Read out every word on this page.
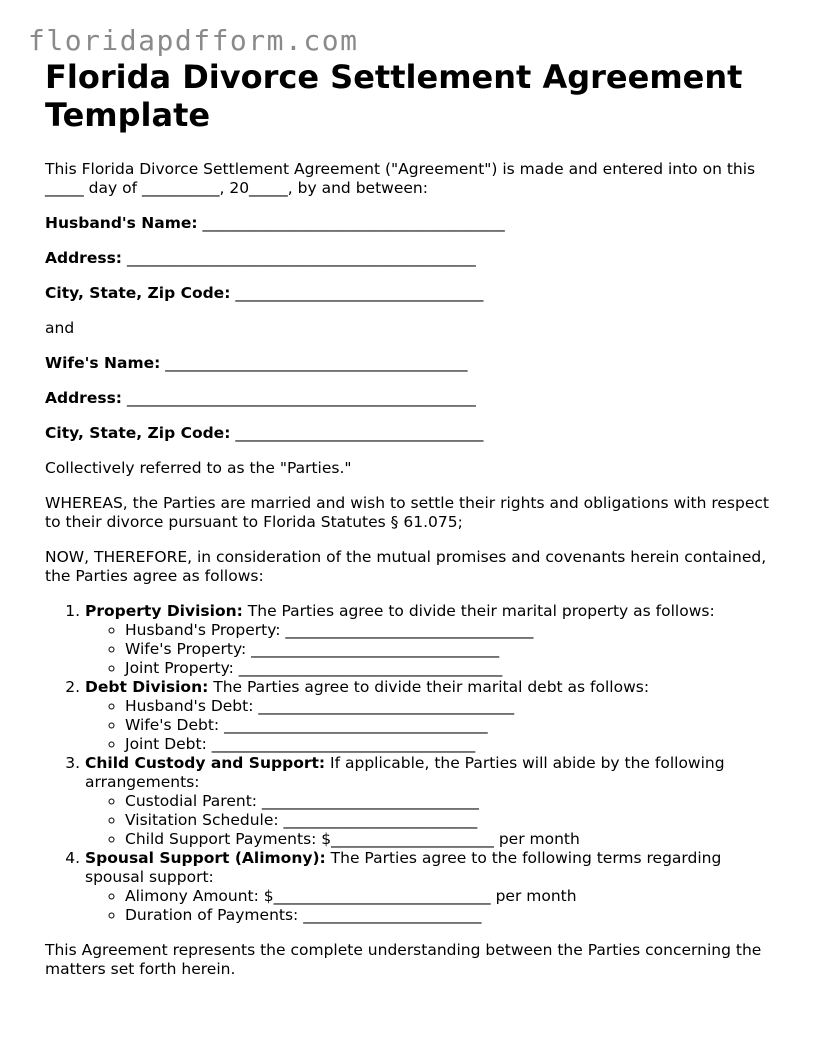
floridapdfform.com
Florida Divorce Settlement Agreement Template

This Florida Divorce Settlement Agreement ("Agreement") is made and entered into on this _____ day of __________, 20_____, by and between:

Husband's Name: _______________________________________

Address: _____________________________________________

City, State, Zip Code: ________________________________

and

Wife's Name: _______________________________________

Address: _____________________________________________

City, State, Zip Code: ________________________________

Collectively referred to as the "Parties."

WHEREAS, the Parties are married and wish to settle their rights and obligations with respect to their divorce pursuant to Florida Statutes § 61.075;

NOW, THEREFORE, in consideration of the mutual promises and covenants herein contained, the Parties agree as follows:

1. Property Division: The Parties agree to divide their marital property as follows:
◦ Husband's Property: ________________________________
◦ Wife's Property: ________________________________
◦ Joint Property: __________________________________
2. Debt Division: The Parties agree to divide their marital debt as follows:
◦ Husband's Debt: _________________________________
◦ Wife's Debt: __________________________________
◦ Joint Debt: __________________________________
3. Child Custody and Support: If applicable, the Parties will abide by the following arrangements:
◦ Custodial Parent: ____________________________
◦ Visitation Schedule: _________________________
◦ Child Support Payments: $_____________________ per month
4. Spousal Support (Alimony): The Parties agree to the following terms regarding spousal support:
◦ Alimony Amount: $____________________________ per month
◦ Duration of Payments: _______________________

This Agreement represents the complete understanding between the Parties concerning the matters set forth herein.
